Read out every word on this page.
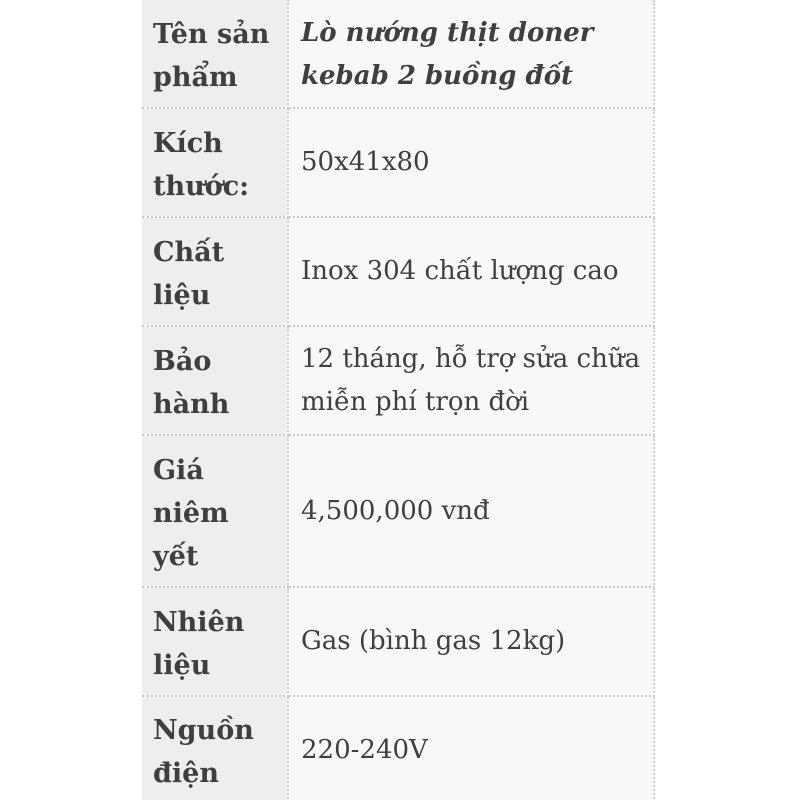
Tên sản phẩm	Lò nướng thịt doner kebab 2 buồng đốt

Kích thước:	50x41x80

Chất liệu	Inox 304 chất lượng cao

Bảo hành	12 tháng, hỗ trợ sửa chữa miễn phí trọn đời

Giá niêm yết	4,500,000 vnđ

Nhiên liệu	Gas (bình gas 12kg)

Nguồn điện	220-240V
